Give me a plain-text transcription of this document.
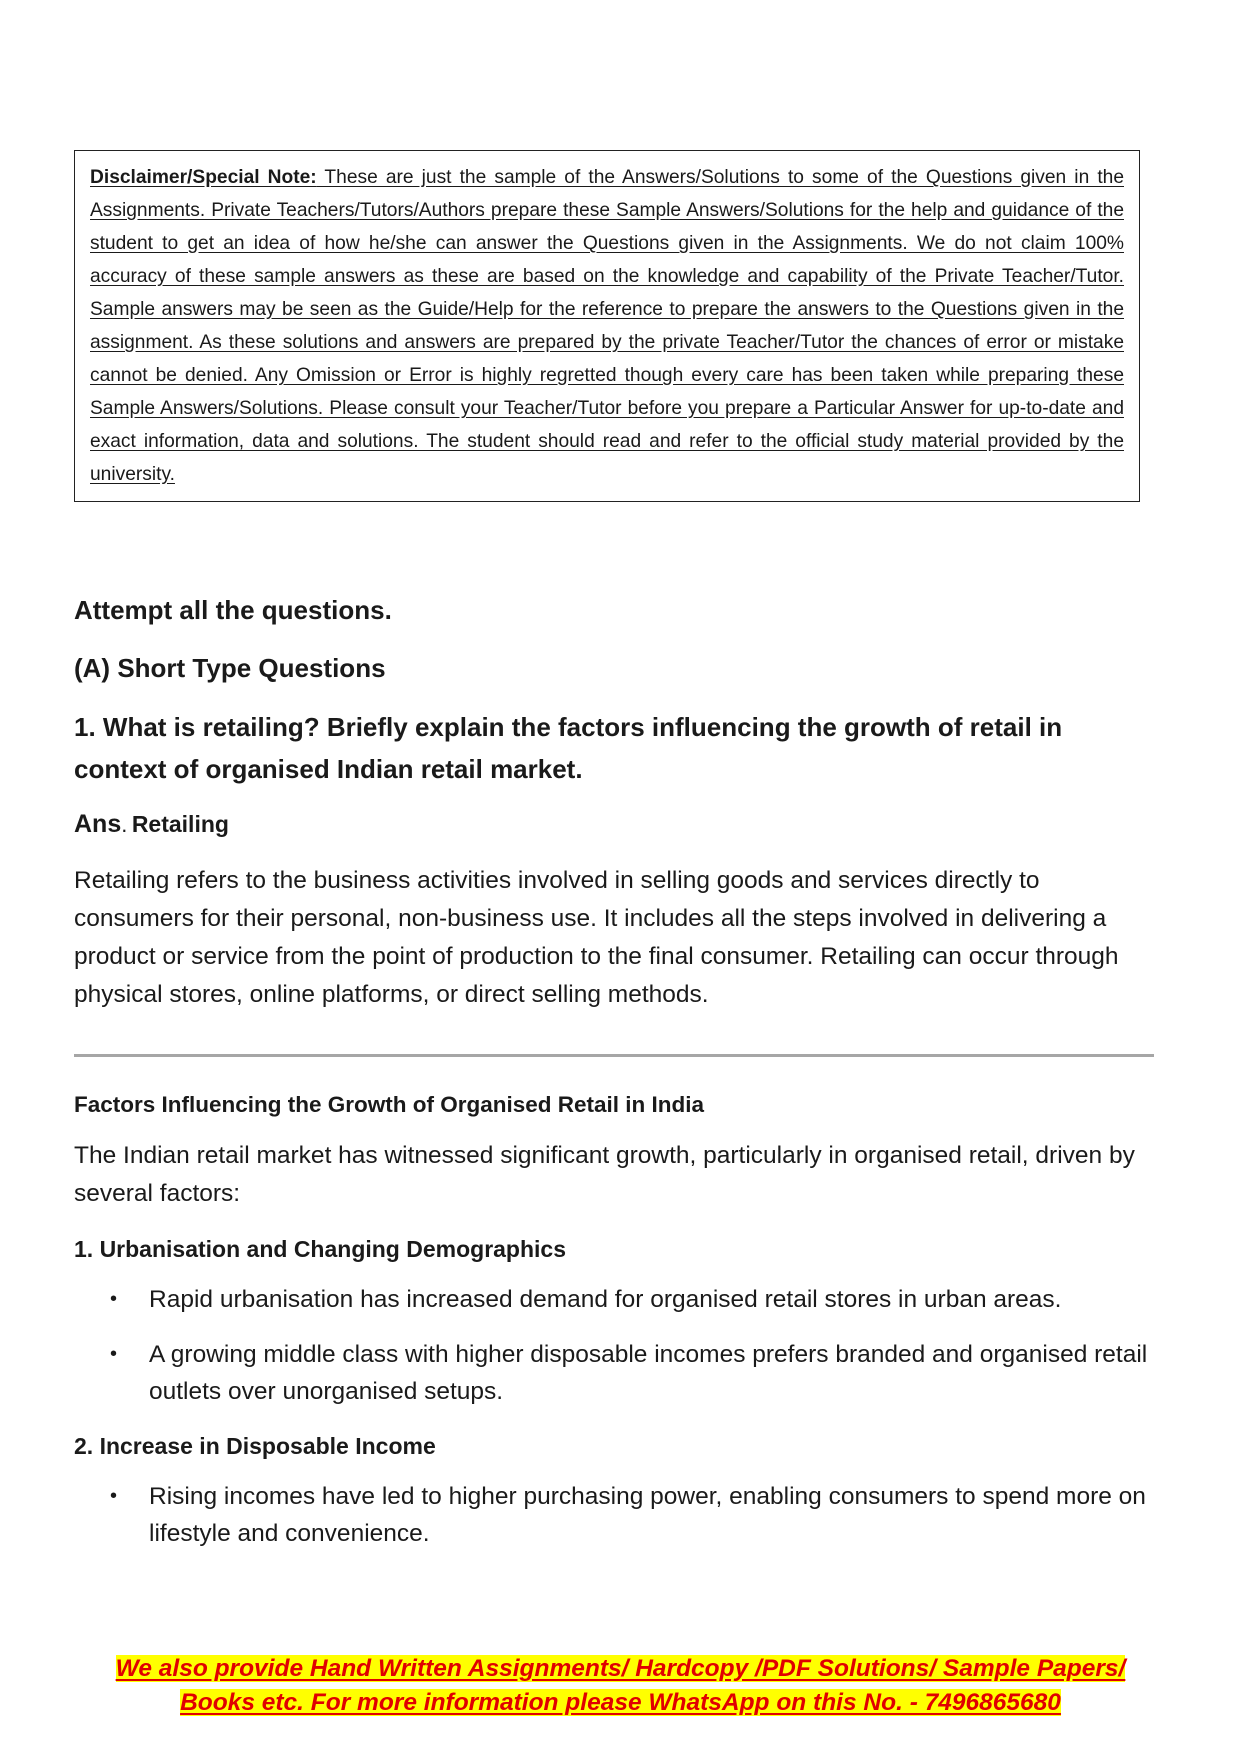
Disclaimer/Special Note: These are just the sample of the Answers/Solutions to some of the Questions given in the Assignments. Private Teachers/Tutors/Authors prepare these Sample Answers/Solutions for the help and guidance of the student to get an idea of how he/she can answer the Questions given in the Assignments. We do not claim 100% accuracy of these sample answers as these are based on the knowledge and capability of the Private Teacher/Tutor. Sample answers may be seen as the Guide/Help for the reference to prepare the answers to the Questions given in the assignment. As these solutions and answers are prepared by the private Teacher/Tutor the chances of error or mistake cannot be denied. Any Omission or Error is highly regretted though every care has been taken while preparing these Sample Answers/Solutions. Please consult your Teacher/Tutor before you prepare a Particular Answer for up-to-date and exact information, data and solutions. The student should read and refer to the official study material provided by the university.

Attempt all the questions.

(A) Short Type Questions

1. What is retailing? Briefly explain the factors influencing the growth of retail in context of organised Indian retail market.

Ans. Retailing

Retailing refers to the business activities involved in selling goods and services directly to consumers for their personal, non-business use. It includes all the steps involved in delivering a product or service from the point of production to the final consumer. Retailing can occur through physical stores, online platforms, or direct selling methods.

Factors Influencing the Growth of Organised Retail in India

The Indian retail market has witnessed significant growth, particularly in organised retail, driven by several factors:

1. Urbanisation and Changing Demographics

• Rapid urbanisation has increased demand for organised retail stores in urban areas.
• A growing middle class with higher disposable incomes prefers branded and organised retail outlets over unorganised setups.

2. Increase in Disposable Income

• Rising incomes have led to higher purchasing power, enabling consumers to spend more on lifestyle and convenience.
We also provide Hand Written Assignments/ Hardcopy /PDF Solutions/ Sample Papers/
Books etc. For more information please WhatsApp on this No. - 7496865680
